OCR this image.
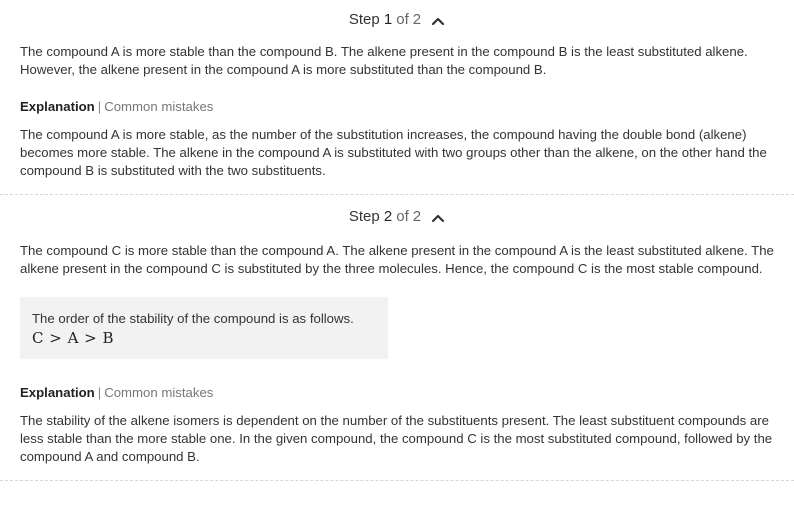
Step
1 of 2

The compound A is more stable than the compound B. The alkene present in the compound B is the least substituted alkene. However, the alkene present in the compound A is more substituted than the compound B.

Explanation | Common mistakes

The compound A is more stable, as the number of the substitution increases, the compound having the double bond (alkene) becomes more stable. The alkene in the compound A is substituted with two groups other than the alkene, on the other hand the compound B is substituted with the two substituents.

Step
2 of 2

The compound C is more stable than the compound A. The alkene present in the compound A is the least substituted alkene. The alkene present in the compound C is substituted by the three molecules. Hence, the compound C is the most stable compound.

The order of the stability of the compound is as follows.
C > A > B
Explanation | Common mistakes

The stability of the alkene isomers is dependent on the number of the substituents present. The least substituent compounds are less stable than the more stable one. In the given compound, the compound C is the most substituted compound, followed by the compound A and compound B.
